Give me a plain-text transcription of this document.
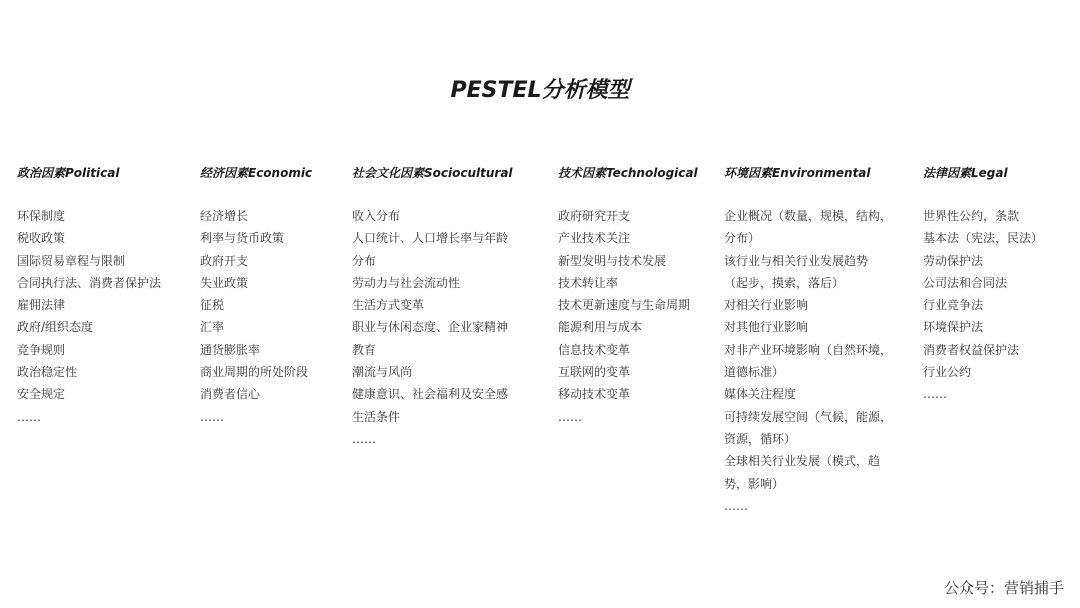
PESTEL分析模型
政治因素Political
环保制度
税收政策
国际贸易章程与限制
合同执行法、消费者保护法
雇佣法律
政府/组织态度
竞争规则
政治稳定性
安全规定
……
经济因素Economic
经济增长
利率与货币政策
政府开支
失业政策
征税
汇率
通货膨胀率
商业周期的所处阶段
消费者信心
……
社会文化因素Sociocultural
收入分布
人口统计、人口增长率与年龄
分布
劳动力与社会流动性
生活方式变革
职业与休闲态度、企业家精神
教育
潮流与风尚
健康意识、社会福利及安全感
生活条件
……
技术因素Technological
政府研究开支
产业技术关注
新型发明与技术发展
技术转让率
技术更新速度与生命周期
能源利用与成本
信息技术变革
互联网的变革
移动技术变革
……
环境因素Environmental
企业概况（数量，规模，结构，
分布）
该行业与相关行业发展趋势
（起步，摸索，落后）
对相关行业影响
对其他行业影响
对非产业环境影响（自然环境，
道德标准）
媒体关注程度
可持续发展空间（气候，能源，
资源，循环）
全球相关行业发展（模式，趋
势，影响）
……
法律因素Legal
世界性公约，条款
基本法（宪法，民法）
劳动保护法
公司法和合同法
行业竞争法
环境保护法
消费者权益保护法
行业公约
……
公众号：营销捕手
